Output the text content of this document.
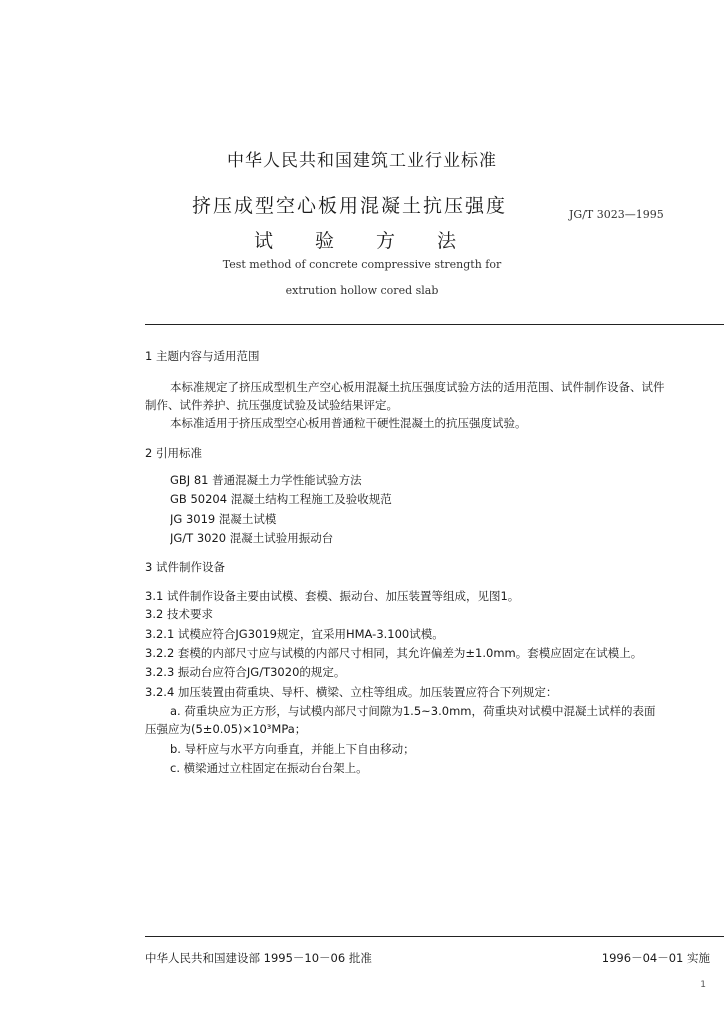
中华人民共和国建筑工业行业标准
挤压成型空心板用混凝土抗压强度
试 验 方 法
JG/T 3023—1995
Test method of concrete compressive strength for
extrution hollow cored slab
1 主题内容与适用范围
本标准规定了挤压成型机生产空心板用混凝土抗压强度试验方法的适用范围、试件制作设备、试件
制作、试件养护、抗压强度试验及试验结果评定。
本标准适用于挤压成型空心板用普通粒干硬性混凝土的抗压强度试验。
2 引用标准
GBJ 81 普通混凝土力学性能试验方法
GB 50204 混凝土结构工程施工及验收规范
JG 3019 混凝土试模
JG/T 3020 混凝土试验用振动台
3 试件制作设备
3.1 试件制作设备主要由试模、套模、振动台、加压装置等组成，见图1。
3.2 技术要求
3.2.1 试模应符合JG3019规定，宜采用HMA-3.100试模。
3.2.2 套模的内部尺寸应与试模的内部尺寸相同，其允许偏差为±1.0mm。套模应固定在试模上。
3.2.3 振动台应符合JG/T3020的规定。
3.2.4 加压装置由荷重块、导杆、横梁、立柱等组成。加压装置应符合下列规定：
a. 荷重块应为正方形，与试模内部尺寸间隙为1.5~3.0mm，荷重块对试模中混凝土试样的表面
压强应为(5±0.05)×10³MPa；
b. 导杆应与水平方向垂直，并能上下自由移动；
c. 横梁通过立柱固定在振动台台架上。
中华人民共和国建设部 1995－10－06 批准	1996－04－01 实施
1
